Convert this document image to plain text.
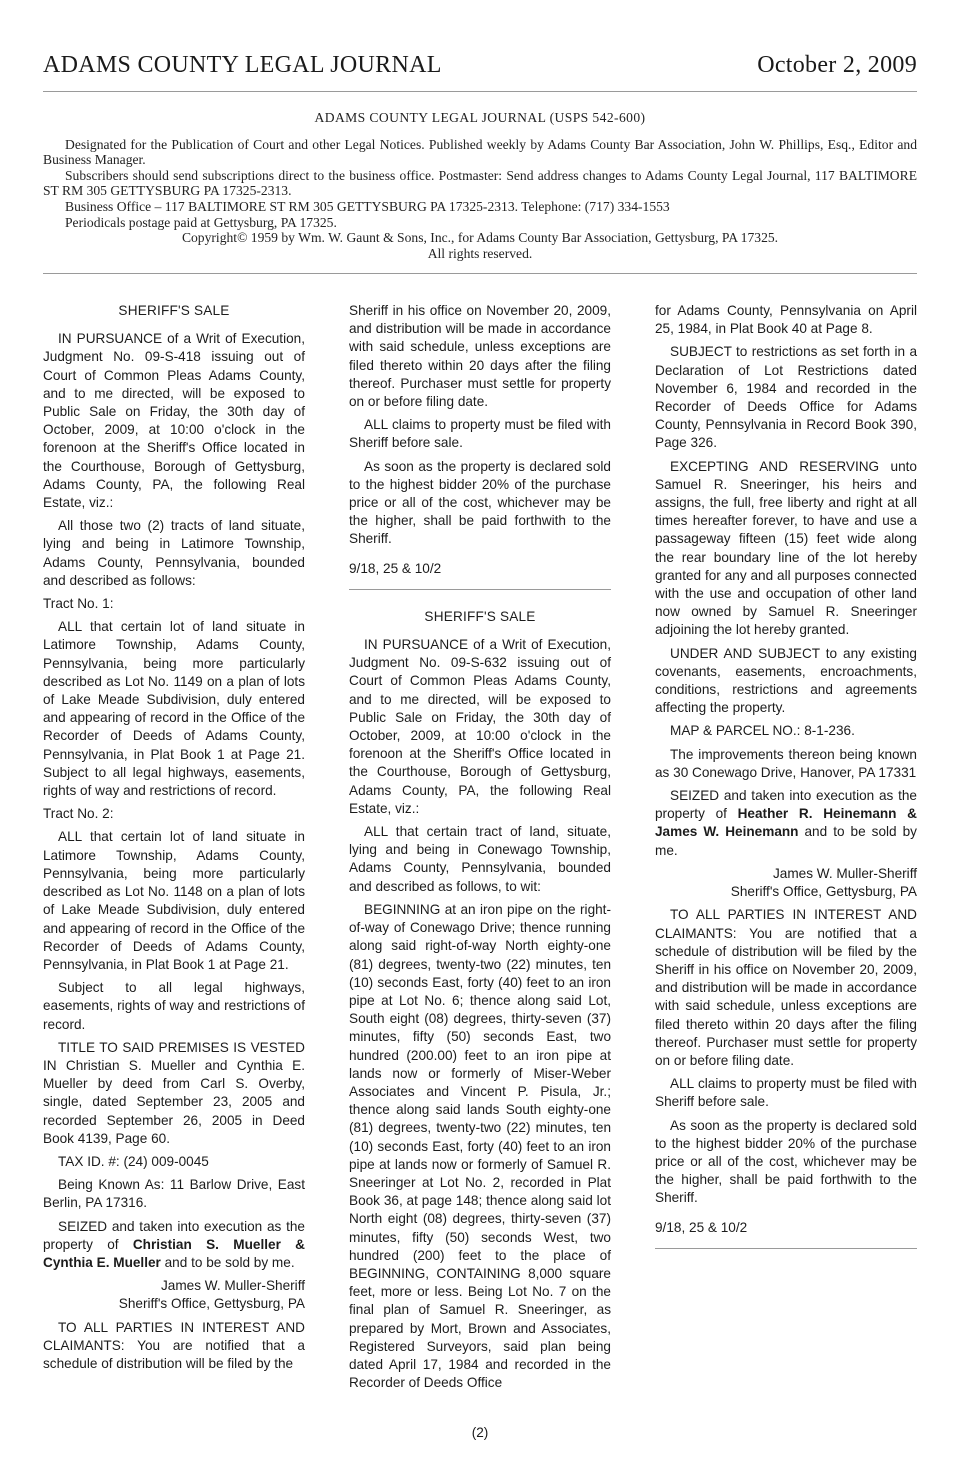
ADAMS COUNTY LEGAL JOURNAL	October 2, 2009

ADAMS COUNTY LEGAL JOURNAL (USPS 542-600)

Designated for the Publication of Court and other Legal Notices. Published weekly by Adams County Bar Association, John W. Phillips, Esq., Editor and Business Manager.

Subscribers should send subscriptions direct to the business office. Postmaster: Send address changes to Adams County Legal Journal, 117 BALTIMORE ST RM 305 GETTYSBURG PA 17325-2313.

Business Office – 117 BALTIMORE ST RM 305 GETTYSBURG PA 17325-2313. Telephone: (717) 334-1553

Periodicals postage paid at Gettysburg, PA 17325.

Copyright© 1959 by Wm. W. Gaunt & Sons, Inc., for Adams County Bar Association, Gettysburg, PA 17325.

All rights reserved.

SHERIFF'S SALE

IN PURSUANCE of a Writ of Execution, Judgment No. 09-S-418 issuing out of Court of Common Pleas Adams County, and to me directed, will be exposed to Public Sale on Friday, the 30th day of October, 2009, at 10:00 o'clock in the forenoon at the Sheriff's Office located in the Courthouse, Borough of Gettysburg, Adams County, PA, the following Real Estate, viz.:

All those two (2) tracts of land situate, lying and being in Latimore Township, Adams County, Pennsylvania, bounded and described as follows:

Tract No. 1:

ALL that certain lot of land situate in Latimore Township, Adams County, Pennsylvania, being more particularly described as Lot No. 1149 on a plan of lots of Lake Meade Subdivision, duly entered and appearing of record in the Office of the Recorder of Deeds of Adams County, Pennsylvania, in Plat Book 1 at Page 21. Subject to all legal highways, easements, rights of way and restrictions of record.

Tract No. 2:

ALL that certain lot of land situate in Latimore Township, Adams County, Pennsylvania, being more particularly described as Lot No. 1148 on a plan of lots of Lake Meade Subdivision, duly entered and appearing of record in the Office of the Recorder of Deeds of Adams County, Pennsylvania, in Plat Book 1 at Page 21.

Subject to all legal highways, easements, rights of way and restrictions of record.

TITLE TO SAID PREMISES IS VESTED IN Christian S. Mueller and Cynthia E. Mueller by deed from Carl S. Overby, single, dated September 23, 2005 and recorded September 26, 2005 in Deed Book 4139, Page 60.

TAX ID. #: (24) 009-0045

Being Known As: 11 Barlow Drive, East Berlin, PA 17316.

SEIZED and taken into execution as the property of Christian S. Mueller & Cynthia E. Mueller and to be sold by me.

James W. Muller-Sheriff

Sheriff's Office, Gettysburg, PA

TO ALL PARTIES IN INTEREST AND CLAIMANTS: You are notified that a schedule of distribution will be filed by the

Sheriff in his office on November 20, 2009, and distribution will be made in accordance with said schedule, unless exceptions are filed thereto within 20 days after the filing thereof. Purchaser must settle for property on or before filing date.

ALL claims to property must be filed with Sheriff before sale.

As soon as the property is declared sold to the highest bidder 20% of the purchase price or all of the cost, whichever may be the higher, shall be paid forthwith to the Sheriff.

9/18, 25 & 10/2

SHERIFF'S SALE

IN PURSUANCE of a Writ of Execution, Judgment No. 09-S-632 issuing out of Court of Common Pleas Adams County, and to me directed, will be exposed to Public Sale on Friday, the 30th day of October, 2009, at 10:00 o'clock in the forenoon at the Sheriff's Office located in the Courthouse, Borough of Gettysburg, Adams County, PA, the following Real Estate, viz.:

ALL that certain tract of land, situate, lying and being in Conewago Township, Adams County, Pennsylvania, bounded and described as follows, to wit:

BEGINNING at an iron pipe on the right-of-way of Conewago Drive; thence running along said right-of-way North eighty-one (81) degrees, twenty-two (22) minutes, ten (10) seconds East, forty (40) feet to an iron pipe at Lot No. 6; thence along said Lot, South eight (08) degrees, thirty-seven (37) minutes, fifty (50) seconds East, two hundred (200.00) feet to an iron pipe at lands now or formerly of Miser-Weber Associates and Vincent P. Pisula, Jr.; thence along said lands South eighty-one (81) degrees, twenty-two (22) minutes, ten (10) seconds East, forty (40) feet to an iron pipe at lands now or formerly of Samuel R. Sneeringer at Lot No. 2, recorded in Plat Book 36, at page 148; thence along said lot North eight (08) degrees, thirty-seven (37) minutes, fifty (50) seconds West, two hundred (200) feet to the place of BEGINNING, CONTAINING 8,000 square feet, more or less. Being Lot No. 7 on the final plan of Samuel R. Sneeringer, as prepared by Mort, Brown and Associates, Registered Surveyors, said plan being dated April 17, 1984 and recorded in the Recorder of Deeds Office

for Adams County, Pennsylvania on April 25, 1984, in Plat Book 40 at Page 8.

SUBJECT to restrictions as set forth in a Declaration of Lot Restrictions dated November 6, 1984 and recorded in the Recorder of Deeds Office for Adams County, Pennsylvania in Record Book 390, Page 326.

EXCEPTING AND RESERVING unto Samuel R. Sneeringer, his heirs and assigns, the full, free liberty and right at all times hereafter forever, to have and use a passageway fifteen (15) feet wide along the rear boundary line of the lot hereby granted for any and all purposes connected with the use and occupation of other land now owned by Samuel R. Sneeringer adjoining the lot hereby granted.

UNDER AND SUBJECT to any existing covenants, easements, encroachments, conditions, restrictions and agreements affecting the property.

MAP & PARCEL NO.: 8-1-236.

The improvements thereon being known as 30 Conewago Drive, Hanover, PA 17331

SEIZED and taken into execution as the property of Heather R. Heinemann & James W. Heinemann and to be sold by me.

James W. Muller-Sheriff

Sheriff's Office, Gettysburg, PA

TO ALL PARTIES IN INTEREST AND CLAIMANTS: You are notified that a schedule of distribution will be filed by the Sheriff in his office on November 20, 2009, and distribution will be made in accordance with said schedule, unless exceptions are filed thereto within 20 days after the filing thereof. Purchaser must settle for property on or before filing date.

ALL claims to property must be filed with Sheriff before sale.

As soon as the property is declared sold to the highest bidder 20% of the purchase price or all of the cost, whichever may be the higher, shall be paid forthwith to the Sheriff.

9/18, 25 & 10/2

(2)
